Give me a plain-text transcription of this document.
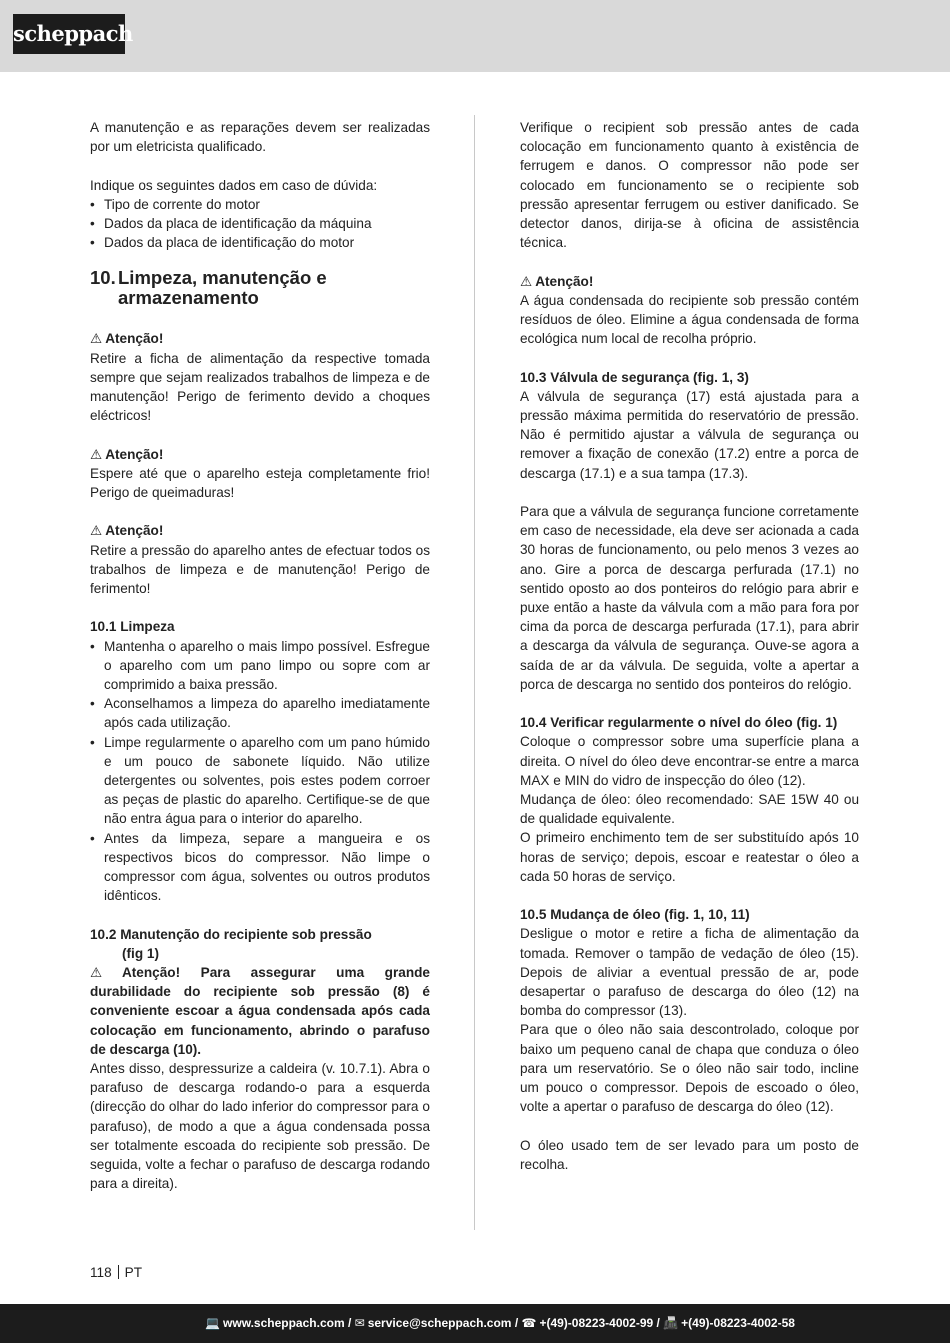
scheppach

A manutenção e as reparações devem ser realizadas por um eletricista qualificado.

Indique os seguintes dados em caso de dúvida:

• Tipo de corrente do motor
• Dados da placa de identificação da máquina
• Dados da placa de identificação do motor
10. Limpeza, manutenção e armazenamento

⚠ Atenção!

Retire a ficha de alimentação da respective tomada sempre que sejam realizados trabalhos de limpeza e de manutenção! Perigo de ferimento devido a choques eléctricos!

⚠ Atenção!

Espere até que o aparelho esteja completamente frio! Perigo de queimaduras!

⚠ Atenção!

Retire a pressão do aparelho antes de efectuar todos os trabalhos de limpeza e de manutenção! Perigo de ferimento!

10.1 Limpeza

• Mantenha o aparelho o mais limpo possível. Esfregue o aparelho com um pano limpo ou sopre com ar comprimido a baixa pressão.
• Aconselhamos a limpeza do aparelho imediatamente após cada utilização.
• Limpe regularmente o aparelho com um pano húmido e um pouco de sabonete líquido. Não utilize detergentes ou solventes, pois estes podem corroer as peças de plastic do aparelho. Certifique-se de que não entra água para o interior do aparelho.
• Antes da limpeza, separe a mangueira e os respectivos bicos do compressor. Não limpe o compressor com água, solventes ou outros produtos idênticos.

10.2 Manutenção do recipiente sob pressão
(fig 1)

⚠ Atenção! Para assegurar uma grande durabilidade do recipiente sob pressão (8) é conveniente escoar a água condensada após cada colocação em funcionamento, abrindo o parafuso de descarga (10).

Antes disso, despressurize a caldeira (v. 10.7.1). Abra o parafuso de descarga rodando-o para a esquerda (direcção do olhar do lado inferior do compressor para o parafuso), de modo a que a água condensada possa ser totalmente escoada do recipiente sob pressão. De seguida, volte a fechar o parafuso de descarga rodando para a direita).

Verifique o recipient sob pressão antes de cada colocação em funcionamento quanto à existência de ferrugem e danos. O compressor não pode ser colocado em funcionamento se o recipiente sob pressão apresentar ferrugem ou estiver danificado. Se detector danos, dirija-se à oficina de assistência técnica.

⚠ Atenção!

A água condensada do recipiente sob pressão contém resíduos de óleo. Elimine a água condensada de forma ecológica num local de recolha próprio.

10.3 Válvula de segurança (fig. 1, 3)

A válvula de segurança (17) está ajustada para a pressão máxima permitida do reservatório de pressão. Não é permitido ajustar a válvula de segurança ou remover a fixação de conexão (17.2) entre a porca de descarga (17.1) e a sua tampa (17.3).

Para que a válvula de segurança funcione corretamente em caso de necessidade, ela deve ser acionada a cada 30 horas de funcionamento, ou pelo menos 3 vezes ao ano. Gire a porca de descarga perfurada (17.1) no sentido oposto ao dos ponteiros do relógio para abrir e puxe então a haste da válvula com a mão para fora por cima da porca de descarga perfurada (17.1), para abrir a descarga da válvula de segurança. Ouve-se agora a saída de ar da válvula. De seguida, volte a apertar a porca de descarga no sentido dos ponteiros do relógio.

10.4 Verificar regularmente o nível do óleo (fig. 1)

Coloque o compressor sobre uma superfície plana a direita. O nível do óleo deve encontrar-se entre a marca MAX e MIN do vidro de inspecção do óleo (12).

Mudança de óleo: óleo recomendado: SAE 15W 40 ou de qualidade equivalente.

O primeiro enchimento tem de ser substituído após 10 horas de serviço; depois, escoar e reatestar o óleo a cada 50 horas de serviço.

10.5 Mudança de óleo (fig. 1, 10, 11)

Desligue o motor e retire a ficha de alimentação da tomada. Remover o tampão de vedação de óleo (15). Depois de aliviar a eventual pressão de ar, pode desapertar o parafuso de descarga do óleo (12) na bomba do compressor (13).

Para que o óleo não saia descontrolado, coloque por baixo um pequeno canal de chapa que conduza o óleo para um reservatório. Se o óleo não sair todo, incline um pouco o compressor. Depois de escoado o óleo, volte a apertar o parafuso de descarga do óleo (12).

O óleo usado tem de ser levado para um posto de recolha.

118 PT
💻 www.scheppach.com / ✉ service@scheppach.com / ☎ +(49)-08223-4002-99 / 📠 +(49)-08223-4002-58
